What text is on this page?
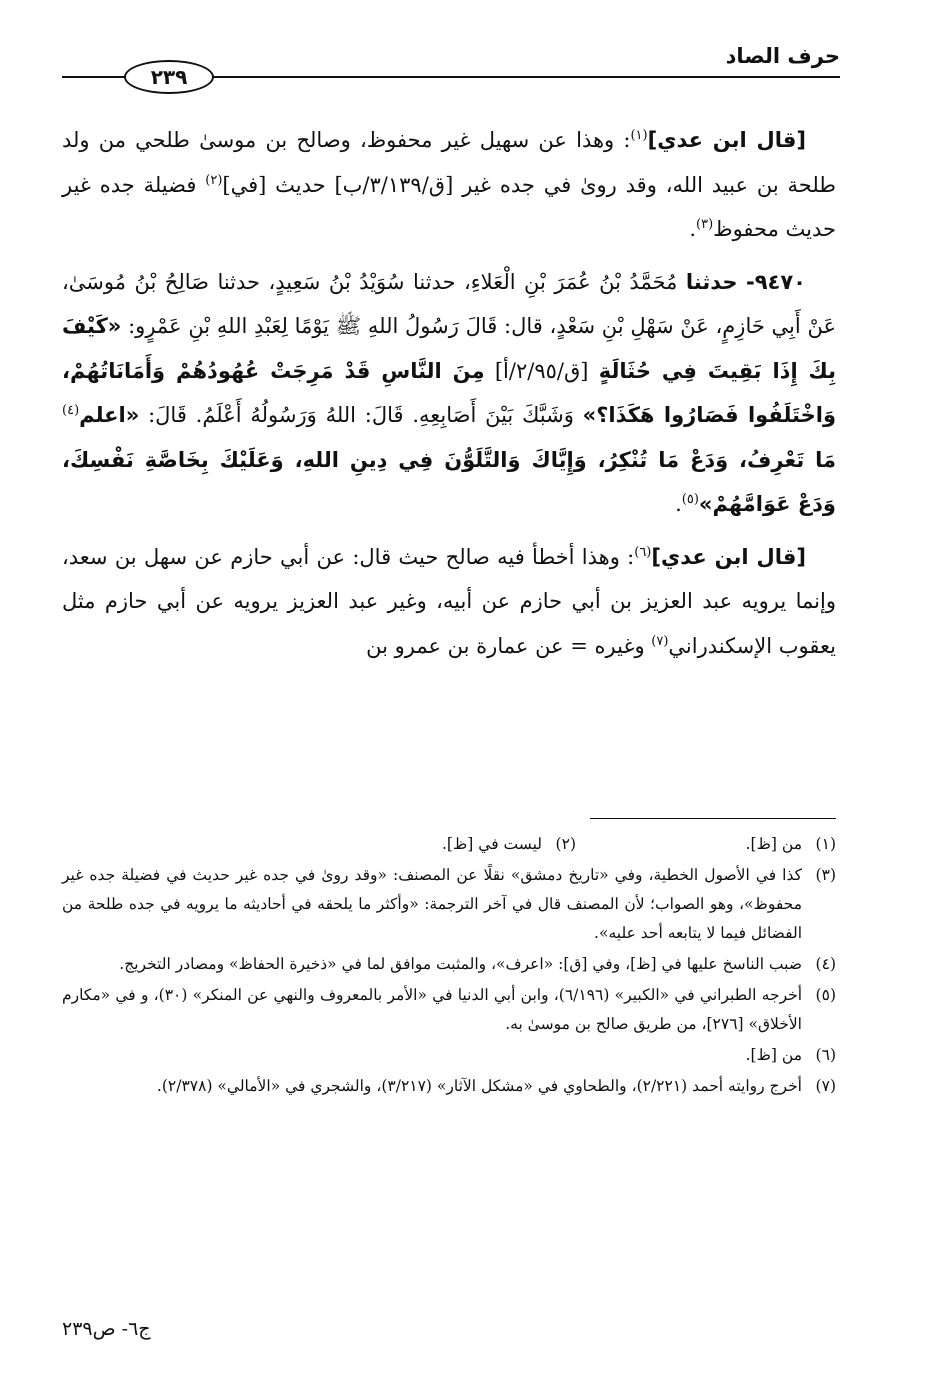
حرف الصاد
٢٣٩

[قال ابن عدي]$^{(١)}$: وهذا عن سهيل غير محفوظ، وصالح بن موسىٰ طلحي من ولد طلحة بن عبيد الله، وقد روىٰ في جده غير [ق/٣/١٣٩/ب] حديث [في]$^{(٢)}$ فضيلة جده غير حديث محفوظ$^{(٣)}$.

٩٤٧٠- حدثنا مُحَمَّدُ بْنُ عُمَرَ بْنِ الْعَلاءِ، حدثنا سُوَيْدُ بْنُ سَعِيدٍ، حدثنا صَالِحُ بْنُ مُوسَىٰ، عَنْ أَبِي حَازِمٍ، عَنْ سَهْلِ بْنِ سَعْدٍ، قال: قَالَ رَسُولُ اللهِ ﷺ يَوْمًا لِعَبْدِ اللهِ بْنِ عَمْرٍو: «كَيْفَ بِكَ إِذَا بَقِيتَ فِي حُثَالَةٍ [ق/٢/٩٥/أ] مِنَ النَّاسِ قَدْ مَرِجَتْ عُهُودُهُمْ وَأَمَانَاتُهُمْ، وَاخْتَلَفُوا فَصَارُوا هَكَذَا؟» وَشَبَّكَ بَيْنَ أَصَابِعِهِ. قَالَ: اللهُ وَرَسُولُهُ أَعْلَمُ. قَالَ: «اعلم$^{(٤)}$ مَا تَعْرِفُ، وَدَعْ مَا تُنْكِرُ، وَإِيَّاكَ وَالتَّلَوُّنَ فِي دِينِ اللهِ، وَعَلَيْكَ بِخَاصَّةِ نَفْسِكَ، وَدَعْ عَوَامَّهُمْ»$^{(٥)}$.

[قال ابن عدي]$^{(٦)}$: وهذا أخطأ فيه صالح حيث قال: عن أبي حازم عن سهل بن سعد، وإنما يرويه عبد العزيز بن أبي حازم عن أبيه، وغير عبد العزيز يرويه عن أبي حازم مثل يعقوب الإسكندراني$^{(٧)}$ وغيره = عن عمارة بن عمرو بن

(١)
من [ظ].
(٢)
ليست في [ظ].
(٣)
كذا في الأصول الخطية، وفي «تاريخ دمشق» نقلًا عن المصنف: «وقد روىٰ في جده غير حديث في فضيلة جده غير محفوظ»، وهو الصواب؛ لأن المصنف قال في آخر الترجمة: «وأكثر ما يلحقه في أحاديثه ما يرويه في جده طلحة من الفضائل فيما لا يتابعه أحد عليه».
(٤)
ضبب الناسخ عليها في [ظ]، وفي [ق]: «اعرف»، والمثبت موافق لما في «ذخيرة الحفاظ» ومصادر التخريج.
(٥)
أخرجه الطبراني في «الكبير» (٦/١٩٦)، وابن أبي الدنيا في «الأمر بالمعروف والنهي عن المنكر» (٣٠)، و في «مكارم الأخلاق» [٢٧٦]، من طريق صالح بن موسىٰ به.
(٦)
من [ظ].
(٧)
أخرج روايته أحمد (٢/٢٢١)، والطحاوي في «مشكل الآثار» (٣/٢١٧)، والشجري في «الأمالي» (٢/٣٧٨).
ج٦- ص٢٣٩
